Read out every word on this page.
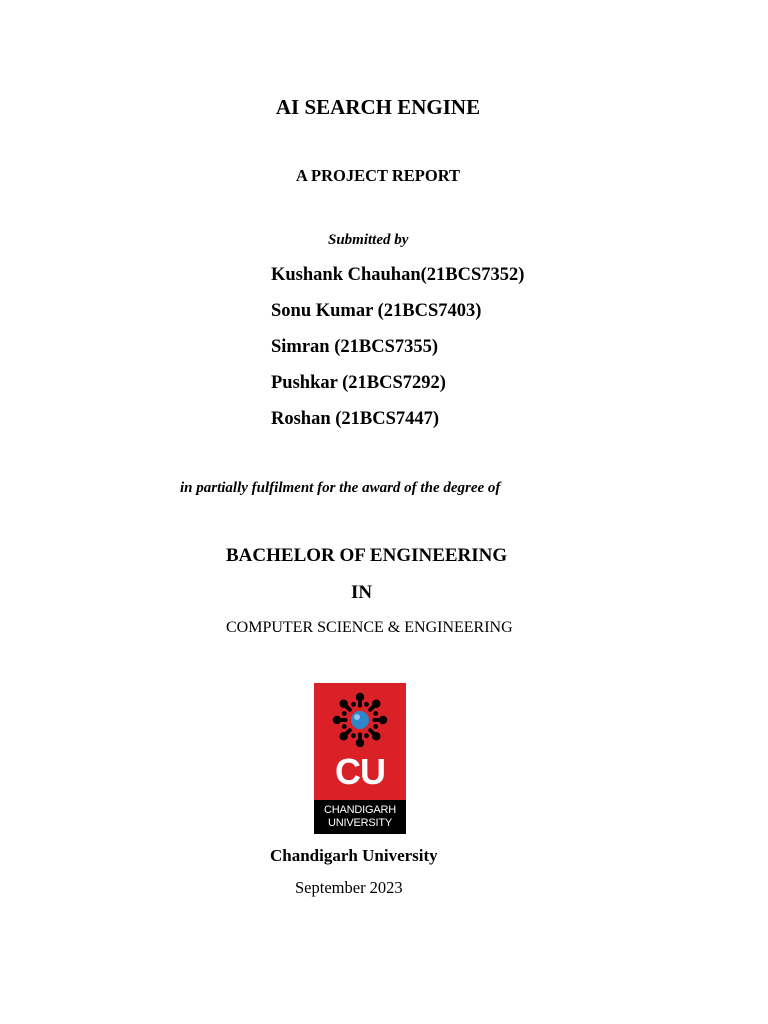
AI SEARCH ENGINE
A PROJECT REPORT
Submitted by
Kushank Chauhan(21BCS7352)
Sonu Kumar (21BCS7403)
Simran (21BCS7355)
Pushkar (21BCS7292)
Roshan (21BCS7447)
in partially fulfilment for the award of the degree of
BACHELOR OF ENGINEERING
IN
COMPUTER SCIENCE & ENGINEERING
CU
CHANDIGARH
UNIVERSITY
Chandigarh University
September 2023
